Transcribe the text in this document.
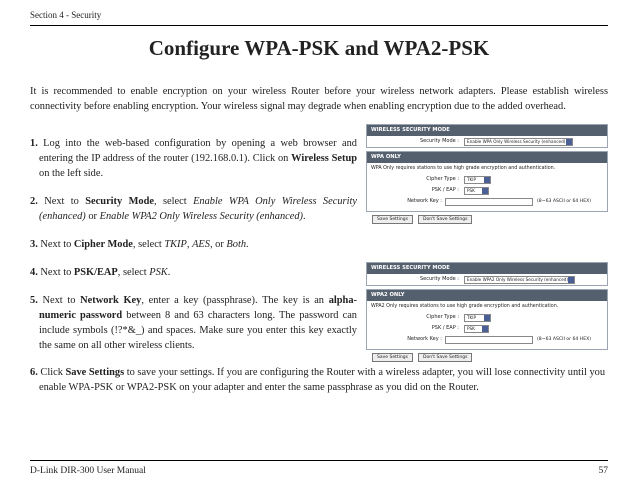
Section 4 - Security
Configure WPA-PSK and WPA2-PSK
It is recommended to enable encryption on your wireless Router before your wireless network adapters. Please establish wireless connectivity before enabling encryption. Your wireless signal may degrade when enabling encryption due to the added overhead.
1. Log into the web-based configuration by opening a web browser and entering the IP address of the router (192.168.0.1). Click on Wireless Setup on the left side.
2. Next to Security Mode, select Enable WPA Only Wireless Security (enhanced) or Enable WPA2 Only Wireless Security (enhanced).
3. Next to Cipher Mode, select TKIP, AES, or Both.
4. Next to PSK/EAP, select PSK.
5. Next to Network Key, enter a key (passphrase). The key is an alpha-numeric password between 8 and 63 characters long. The password can include symbols (!?*&_) and spaces. Make sure you enter this key exactly the same on all other wireless clients.
6. Click Save Settings to save your settings. If you are configuring the Router with a wireless adapter, you will lose connectivity until you enable WPA-PSK or WPA2-PSK on your adapter and enter the same passphrase as you did on the Router.
WIRELESS SECURITY MODE
Security Mode :	Enable WPA Only Wireless Security (enhanced)
WPA ONLY
WPA Only requires stations to use high grade encryption and authentication.
Cipher Type :	TKIP
PSK / EAP :	PSK
Network Key :	(8~63 ASCII or 64 HEX)
Save Settings	Don't Save Settings
WIRELESS SECURITY MODE
Security Mode :	Enable WPA2 Only Wireless Security (enhanced)
WPA2 ONLY
WPA2 Only requires stations to use high grade encryption and authentication.
Cipher Type :	TKIP
PSK / EAP :	PSK
Network Key :	(8~63 ASCII or 64 HEX)
Save Settings	Don't Save Settings
D-Link DIR-300 User Manual	57
